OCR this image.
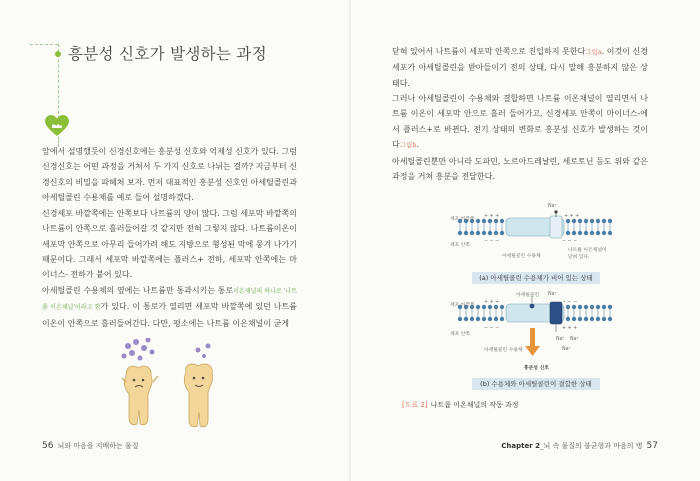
흥분성 신호가 발생하는 과정
앞에서 설명했듯이 신경신호에는 흥분성 신호와 억제성 신호가 있다. 그럼 신경신호는 어떤 과정을 거쳐서 두 가지 신호로 나뉘는 걸까? 지금부터 신경신호의 비밀을 파헤쳐 보자. 먼저 대표적인 흥분성 신호인 아세틸콜린과 아세틸콜린 수용체를 예로 들어 설명하겠다.
신경세포 바깥쪽에는 안쪽보다 나트륨의 양이 많다. 그럼 세포막 바깥쪽의 나트륨이 안쪽으로 흘러들어갈 것 같지만 전혀 그렇지 않다. 나트륨이온이 세포막 안쪽으로 아무리 들어가려 해도 지방으로 형성된 막에 뭉겨 나가기 때문이다. 그래서 세포막 바깥쪽에는 플러스+ 전하, 세포막 안쪽에는 마이너스- 전하가 붙어 있다.
아세틸콜린 수용체의 옆에는 나트륨만 통과시키는 통로이온채널의 하나로 '나트륨 이온채널'이라고 함가 있다. 이 통로가 열리면 세포막 바깥쪽에 있던 나트륨이온이 안쪽으로 흘러들어간다. 다만, 평소에는 나트륨 이온채널이 굳게
56 뇌와 마음을 지배하는 물질
닫혀 있어서 나트륨이 세포막 안쪽으로 진입하지 못한다그림a. 이것이 신경세포가 아세틸콜린을 받아들이기 전의 상태, 다시 말해 흥분하지 않은 상태다.
그러나 아세틸콜린이 수용체와 결합하면 나트륨 이온채널이 열리면서 나트륨 이온이 세포막 안으로 흘러 들어가고, 신경세포 안쪽이 마이너스-에서 플러스+로 바뀐다. 전기 상태의 변화로 흥분성 신호가 발생하는 것이다그림b.
아세틸콜린뿐만 아니라 도파민, 노르아드레날린, 세로토닌 등도 위와 같은 과정을 거쳐 흥분을 전달한다.
Na⁺
세포 바깥쪽
세포 안쪽
+ + +	+ + +
− − −	− − −
아세틸콜린 수용체
나트륨 이온채널이 닫혀 있다.
(a) 아세틸콜린 수용체가 비어 있는 상태
아세틸콜린
세포 바깥쪽
세포 안쪽
+ + +
+ + +
− − −
− − −
Na⁺
Na⁺ Na⁺
Na⁺
아세틸콜린 수용체
흥분성 신호
(b) 수용체와 아세틸콜린이 결합한 상태
[도표 2] 나트륨 이온채널의 작동 과정
Chapter 2_뇌 속 물질의 불균형과 마음의 병 57
